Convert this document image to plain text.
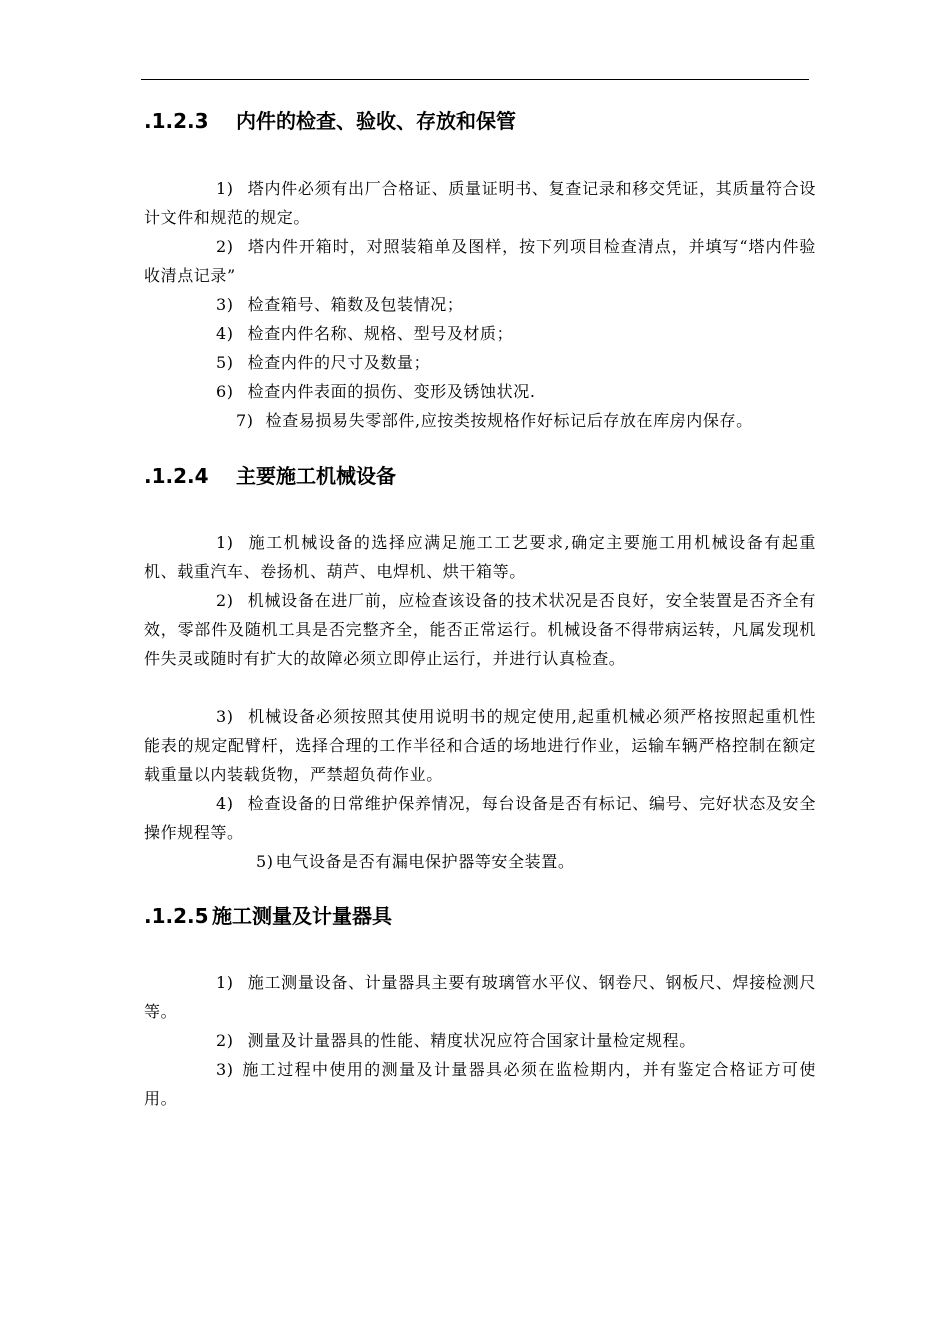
.1.2.3 内件的检查、验收、存放和保管
1) 塔内件必须有出厂合格证、质量证明书、复查记录和移交凭证，其质量符合设计文件和规范的规定。
2) 塔内件开箱时，对照装箱单及图样，按下列项目检查清点，并填写“塔内件验收清点记录”
3) 检查箱号、箱数及包装情况；
4) 检查内件名称、规格、型号及材质；
5) 检查内件的尺寸及数量；
6) 检查内件表面的损伤、变形及锈蚀状况.
7) 检查易损易失零部件,应按类按规格作好标记后存放在库房内保存。
.1.2.4 主要施工机械设备
1) 施工机械设备的选择应满足施工工艺要求,确定主要施工用机械设备有起重机、载重汽车、卷扬机、葫芦、电焊机、烘干箱等。
2) 机械设备在进厂前，应检查该设备的技术状况是否良好，安全装置是否齐全有效，零部件及随机工具是否完整齐全，能否正常运行。机械设备不得带病运转，凡属发现机件失灵或随时有扩大的故障必须立即停止运行，并进行认真检查。
3) 机械设备必须按照其使用说明书的规定使用,起重机械必须严格按照起重机性能表的规定配臂杆，选择合理的工作半径和合适的场地进行作业，运输车辆严格控制在额定载重量以内装载货物，严禁超负荷作业。
4) 检查设备的日常维护保养情况，每台设备是否有标记、编号、完好状态及安全操作规程等。
5) 电气设备是否有漏电保护器等安全装置。
.1.2.5 施工测量及计量器具
1) 施工测量设备、计量器具主要有玻璃管水平仪、钢卷尺、钢板尺、焊接检测尺等。
2) 测量及计量器具的性能、精度状况应符合国家计量检定规程。
3) 施工过程中使用的测量及计量器具必须在监检期内，并有鉴定合格证方可使用。
